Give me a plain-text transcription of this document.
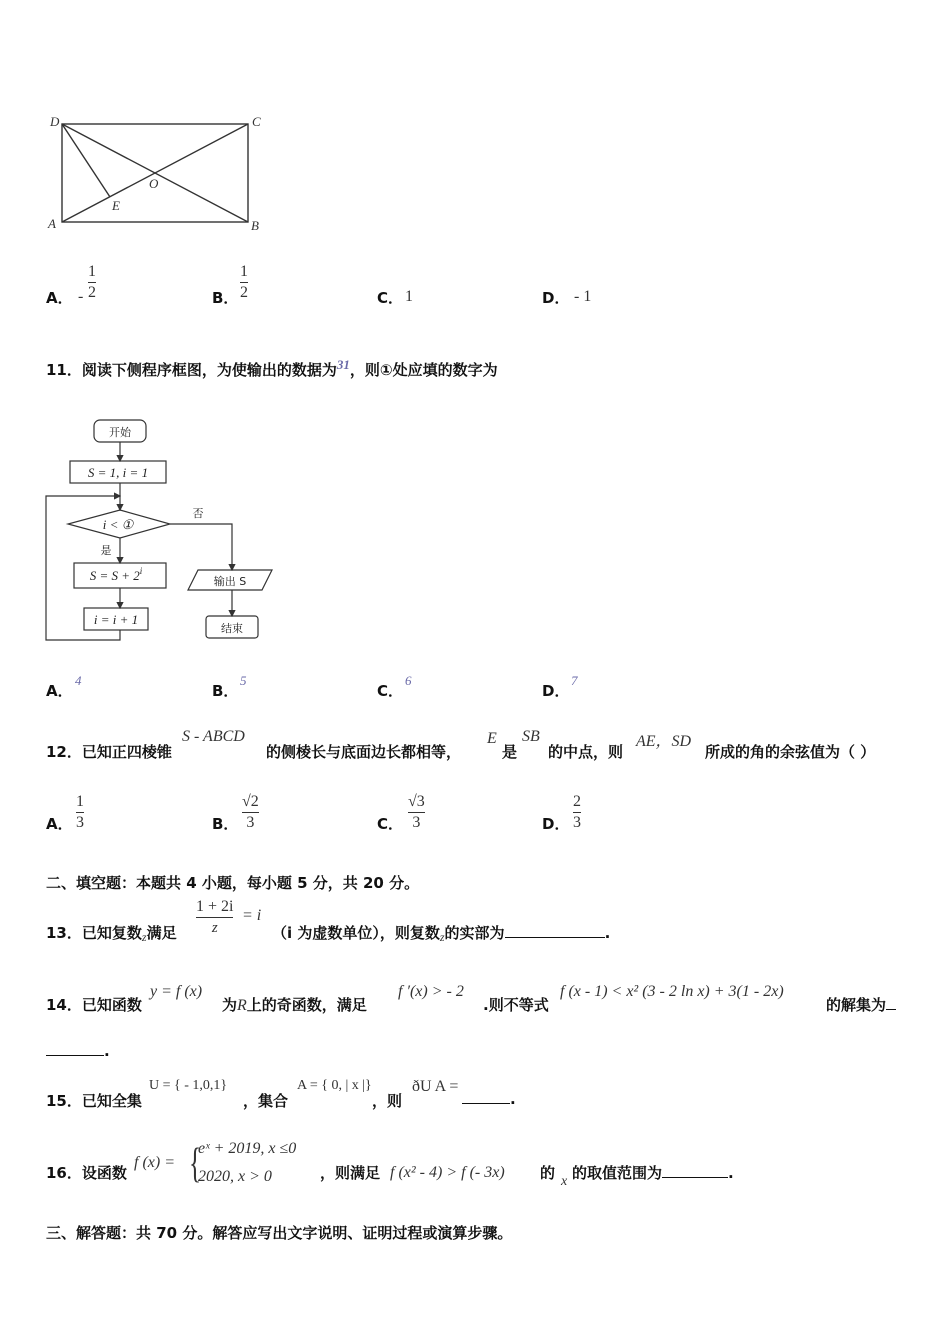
D	C
O
E
A	B
A． -
1
2	B．
1
2	C． 1	D． - 1
11．阅读下侧程序框图，为使输出的数据为$^{31}$，则①处应填的数字为
开始
S = 1, i = 1
i < ①
否
是
$S = S + 2^i$
i = i + 1
输出 S
结束
A．
4
B．
5
C．
6
D．
7
12．已知正四棱锥
S - ABCD
的侧棱长与底面边长都相等，
E
是
SB
的中点，则
AE，SD
所成的角的余弦值为（ ）
A．
1
3	B．
√2
3	C．
√3
3	D．
2
3
二、填空题：本题共 4 小题，每小题 5 分，共 20 分。
13．已知复数$_z$满足
1 + 2i
z
= i
（i 为虚数单位），则复数$_z$的实部为	.
14．已知函数
y = f (x)
为R上的奇函数，满足
f ′(x) > - 2
.则不等式
f (x - 1) < x² (3 - 2 ln x) + 3(1 - 2x)
的解集为
.
15．已知全集
U = { - 1,0,1}
，集合
A = { 0, | x |}
，则
ðU A =
.
16．设函数
f (x) = {
eˣ + 2019, x ≤0
2020, x > 0	，则满足 f (x² - 4) > f (- 3x) 的 x 的取值范围为	.
三、解答题：共 70 分。解答应写出文字说明、证明过程或演算步骤。
